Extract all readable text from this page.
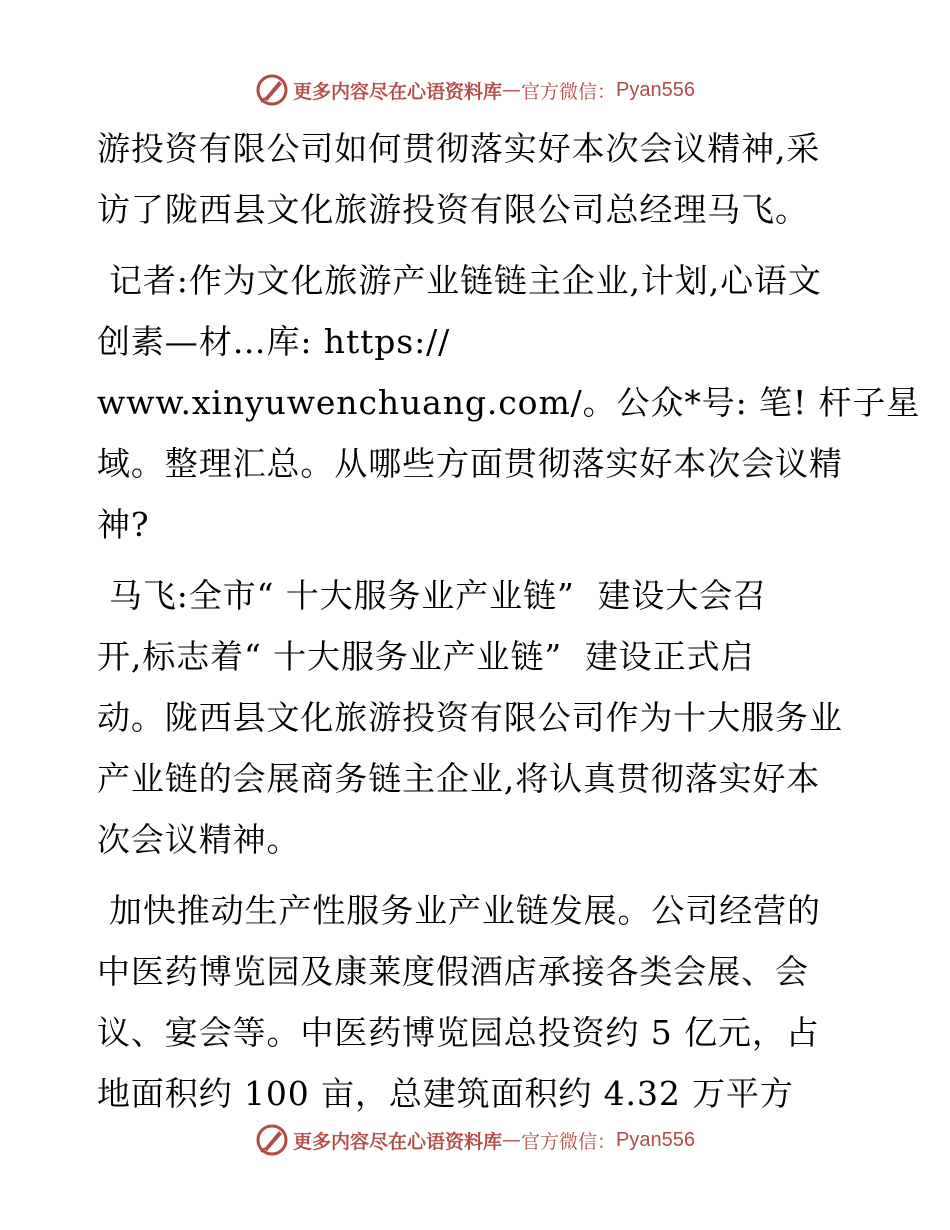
更多内容尽在心语资料库 — 官方微信： Pyan556
游投资有限公司如何贯彻落实好本次会议精神,采
访了陇西县文化旅游投资有限公司总经理马飞。
记者:作为文化旅游产业链链主企业,计划,心语文
创素—材…库: https://
www.xinyuwenchuang.com/。公众*号: 笔! 杆子星
域。整理汇总。从哪些方面贯彻落实好本次会议精
神?
马飞:全市“ 十大服务业产业链”  建设大会召
开,标志着“ 十大服务业产业链”  建设正式启
动。陇西县文化旅游投资有限公司作为十大服务业
产业链的会展商务链主企业,将认真贯彻落实好本
次会议精神。
加快推动生产性服务业产业链发展。公司经营的
中医药博览园及康莱度假酒店承接各类会展、会
议、宴会等。中医药博览园总投资约 5 亿元，占
地面积约 100 亩，总建筑面积约 4.32 万平方
更多内容尽在心语资料库 — 官方微信： Pyan556
